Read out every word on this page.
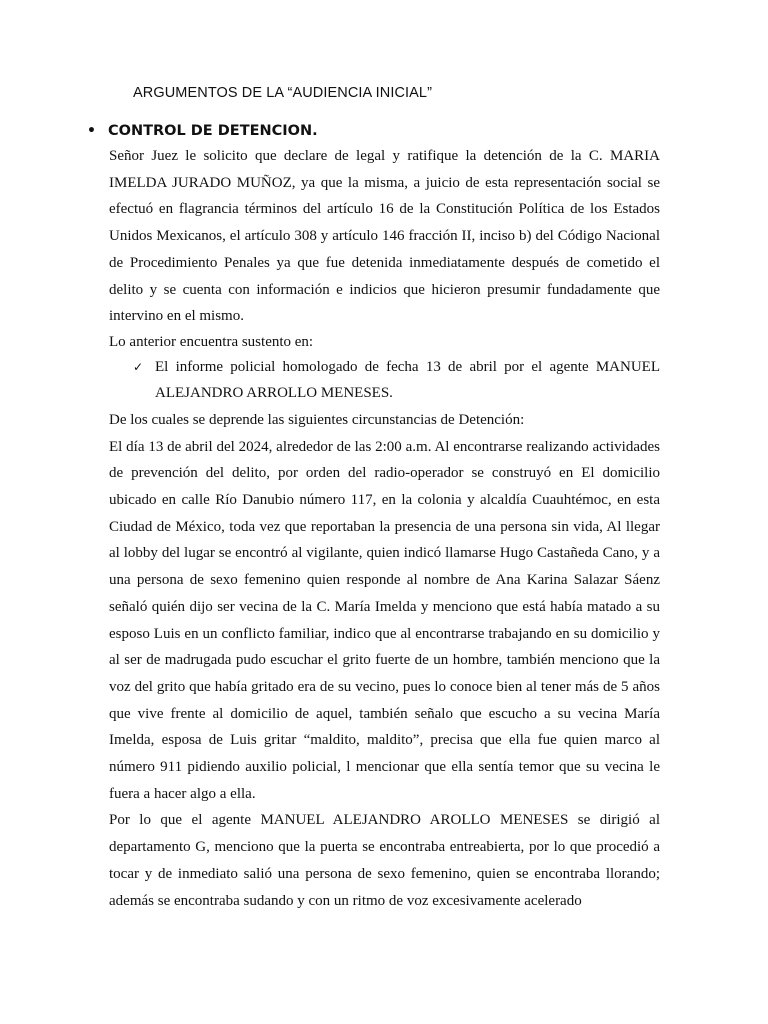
ARGUMENTOS DE LA “AUDIENCIA INICIAL”
• CONTROL DE DETENCION.

Señor Juez le solicito que declare de legal y ratifique la detención de la C. MARIA IMELDA JURADO MUÑOZ, ya que la misma, a juicio de esta representación social se efectuó en flagrancia términos del artículo 16 de la Constitución Política de los Estados Unidos Mexicanos, el artículo 308 y artículo 146 fracción II, inciso b) del Código Nacional de Procedimiento Penales ya que fue detenida inmediatamente después de cometido el delito y se cuenta con información e indicios que hicieron presumir fundadamente que intervino en el mismo.

Lo anterior encuentra sustento en:

✓ El informe policial homologado de fecha 13 de abril por el agente MANUEL ALEJANDRO ARROLLO MENESES.

De los cuales se deprende las siguientes circunstancias de Detención:

El día 13 de abril del 2024, alrededor de las 2:00 a.m. Al encontrarse realizando actividades de prevención del delito, por orden del radio-operador se construyó en El domicilio ubicado en calle Río Danubio número 117, en la colonia y alcaldía Cuauhtémoc, en esta Ciudad de México, toda vez que reportaban la presencia de una persona sin vida, Al llegar al lobby del lugar se encontró al vigilante, quien indicó llamarse Hugo Castañeda Cano, y a una persona de sexo femenino quien responde al nombre de Ana Karina Salazar Sáenz señaló quién dijo ser vecina de la C. María Imelda y menciono que está había matado a su esposo Luis en un conflicto familiar, indico que al encontrarse trabajando en su domicilio y al ser de madrugada pudo escuchar el grito fuerte de un hombre, también menciono que la voz del grito que había gritado era de su vecino, pues lo conoce bien al tener más de 5 años que vive frente al domicilio de aquel, también señalo que escucho a su vecina María Imelda, esposa de Luis gritar “maldito, maldito”, precisa que ella fue quien marco al número 911 pidiendo auxilio policial, l mencionar que ella sentía temor que su vecina le fuera a hacer algo a ella.

Por lo que el agente MANUEL ALEJANDRO AROLLO MENESES se dirigió al departamento G, menciono que la puerta se encontraba entreabierta, por lo que procedió a tocar y de inmediato salió una persona de sexo femenino, quien se encontraba llorando; además se encontraba sudando y con un ritmo de voz excesivamente acelerado
